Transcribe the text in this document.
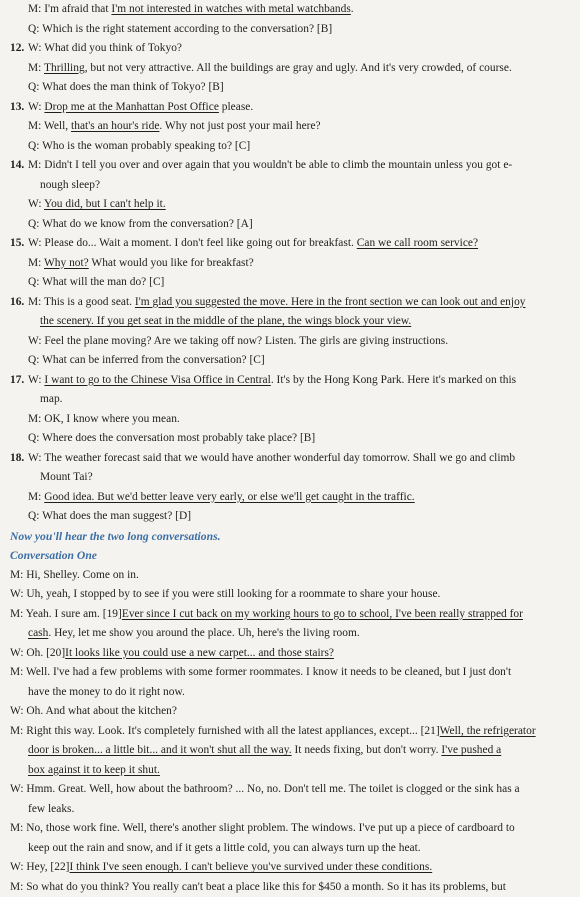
M: I'm afraid that I'm not interested in watches with metal watchbands.
Q: Which is the right statement according to the conversation? [B]
12. W: What did you think of Tokyo?
M: Thrilling, but not very attractive. All the buildings are gray and ugly. And it's very crowded, of course.
Q: What does the man think of Tokyo? [B]
13. W: Drop me at the Manhattan Post Office please.
M: Well, that's an hour's ride. Why not just post your mail here?
Q: Who is the woman probably speaking to? [C]
14. M: Didn't I tell you over and over again that you wouldn't be able to climb the mountain unless you got e-
nough sleep?
W: You did, but I can't help it.
Q: What do we know from the conversation? [A]
15. W: Please do... Wait a moment. I don't feel like going out for breakfast. Can we call room service?
M: Why not? What would you like for breakfast?
Q: What will the man do? [C]
16. M: This is a good seat. I'm glad you suggested the move. Here in the front section we can look out and enjoy
the scenery. If you get seat in the middle of the plane, the wings block your view.
W: Feel the plane moving? Are we taking off now? Listen. The girls are giving instructions.
Q: What can be inferred from the conversation? [C]
17. W: I want to go to the Chinese Visa Office in Central. It's by the Hong Kong Park. Here it's marked on this
map.
M: OK, I know where you mean.
Q: Where does the conversation most probably take place? [B]
18. W: The weather forecast said that we would have another wonderful day tomorrow. Shall we go and climb
Mount Tai?
M: Good idea. But we'd better leave very early, or else we'll get caught in the traffic.
Q: What does the man suggest? [D]
Now you'll hear the two long conversations.
Conversation One
M: Hi, Shelley. Come on in.
W: Uh, yeah, I stopped by to see if you were still looking for a roommate to share your house.
M: Yeah. I sure am. [19]Ever since I cut back on my working hours to go to school, I've been really strapped for
cash. Hey, let me show you around the place. Uh, here's the living room.
W: Oh. [20]It looks like you could use a new carpet... and those stairs?
M: Well. I've had a few problems with some former roommates. I know it needs to be cleaned, but I just don't
have the money to do it right now.
W: Oh. And what about the kitchen?
M: Right this way. Look. It's completely furnished with all the latest appliances, except... [21]Well, the refrigerator
door is broken... a little bit... and it won't shut all the way. It needs fixing, but don't worry. I've pushed a
box against it to keep it shut.
W: Hmm. Great. Well, how about the bathroom? ... No, no. Don't tell me. The toilet is clogged or the sink has a
few leaks.
M: No, those work fine. Well, there's another slight problem. The windows. I've put up a piece of cardboard to
keep out the rain and snow, and if it gets a little cold, you can always turn up the heat.
W: Hey, [22]I think I've seen enough. I can't believe you've survived under these conditions.
M: So what do you think? You really can't beat a place like this for $450 a month. So it has its problems, but
